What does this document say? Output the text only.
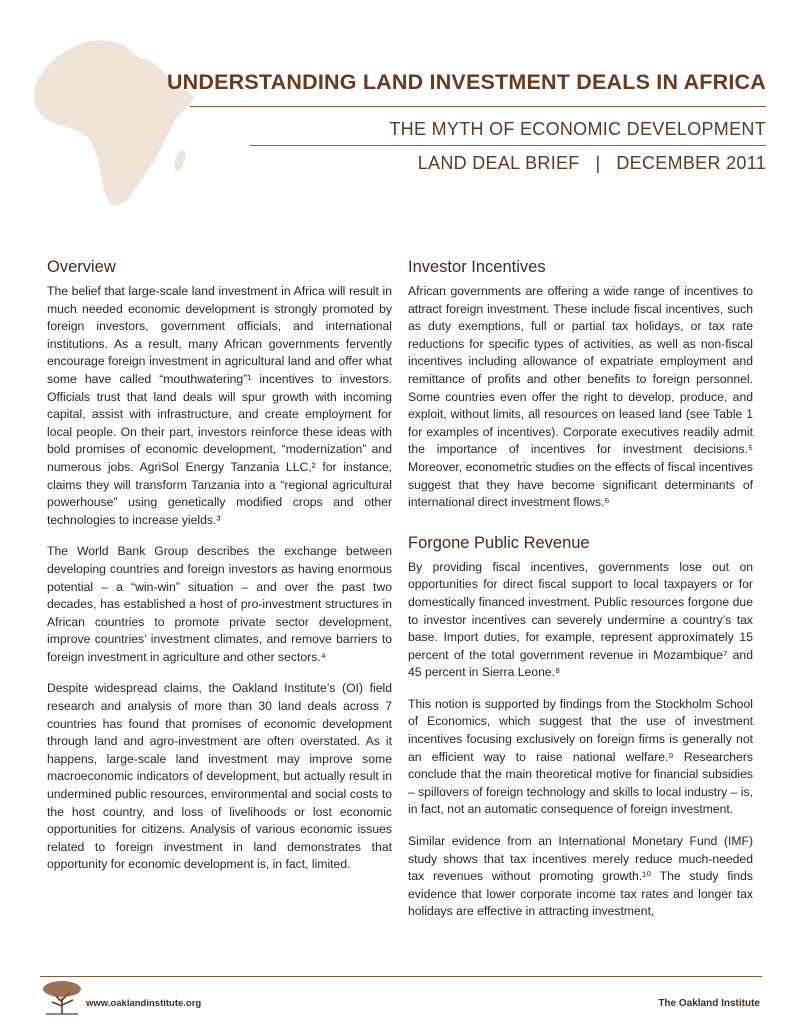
UNDERSTANDING LAND INVESTMENT DEALS IN AFRICA
THE MYTH OF ECONOMIC DEVELOPMENT
LAND DEAL BRIEF   |   DECEMBER 2011
Overview

The belief that large-scale land investment in Africa will result in much needed economic development is strongly promoted by foreign investors, government officials, and international institutions. As a result, many African governments fervently encourage foreign investment in agricultural land and offer what some have called “mouthwatering”¹ incentives to investors. Officials trust that land deals will spur growth with incoming capital, assist with infrastructure, and create employment for local people. On their part, investors reinforce these ideas with bold promises of economic development, “modernization” and numerous jobs. AgriSol Energy Tanzania LLC,² for instance, claims they will transform Tanzania into a “regional agricultural powerhouse” using genetically modified crops and other technologies to increase yields.³

The World Bank Group describes the exchange between developing countries and foreign investors as having enormous potential – a “win-win” situation – and over the past two decades, has established a host of pro-investment structures in African countries to promote private sector development, improve countries’ investment climates, and remove barriers to foreign investment in agriculture and other sectors.⁴

Despite widespread claims, the Oakland Institute’s (OI) field research and analysis of more than 30 land deals across 7 countries has found that promises of economic development through land and agro-investment are often overstated. As it happens, large-scale land investment may improve some macroeconomic indicators of development, but actually result in undermined public resources, environmental and social costs to the host country, and loss of livelihoods or lost economic opportunities for citizens. Analysis of various economic issues related to foreign investment in land demonstrates that opportunity for economic development is, in fact, limited.

Investor Incentives

African governments are offering a wide range of incentives to attract foreign investment. These include fiscal incentives, such as duty exemptions, full or partial tax holidays, or tax rate reductions for specific types of activities, as well as non-fiscal incentives including allowance of expatriate employment and remittance of profits and other benefits to foreign personnel. Some countries even offer the right to develop, produce, and exploit, without limits, all resources on leased land (see Table 1 for examples of incentives). Corporate executives readily admit the importance of incentives for investment decisions.⁵ Moreover, econometric studies on the effects of fiscal incentives suggest that they have become significant determinants of international direct investment flows.⁶

Forgone Public Revenue

By providing fiscal incentives, governments lose out on opportunities for direct fiscal support to local taxpayers or for domestically financed investment. Public resources forgone due to investor incentives can severely undermine a country’s tax base. Import duties, for example, represent approximately 15 percent of the total government revenue in Mozambique⁷ and 45 percent in Sierra Leone.⁸

This notion is supported by findings from the Stockholm School of Economics, which suggest that the use of investment incentives focusing exclusively on foreign firms is generally not an efficient way to raise national welfare.⁹ Researchers conclude that the main theoretical motive for financial subsidies – spillovers of foreign technology and skills to local industry – is, in fact, not an automatic consequence of foreign investment.

Similar evidence from an International Monetary Fund (IMF) study shows that tax incentives merely reduce much-needed tax revenues without promoting growth.¹⁰ The study finds evidence that lower corporate income tax rates and longer tax holidays are effective in attracting investment,

www.oaklandinstitute.org	The Oakland Institute
